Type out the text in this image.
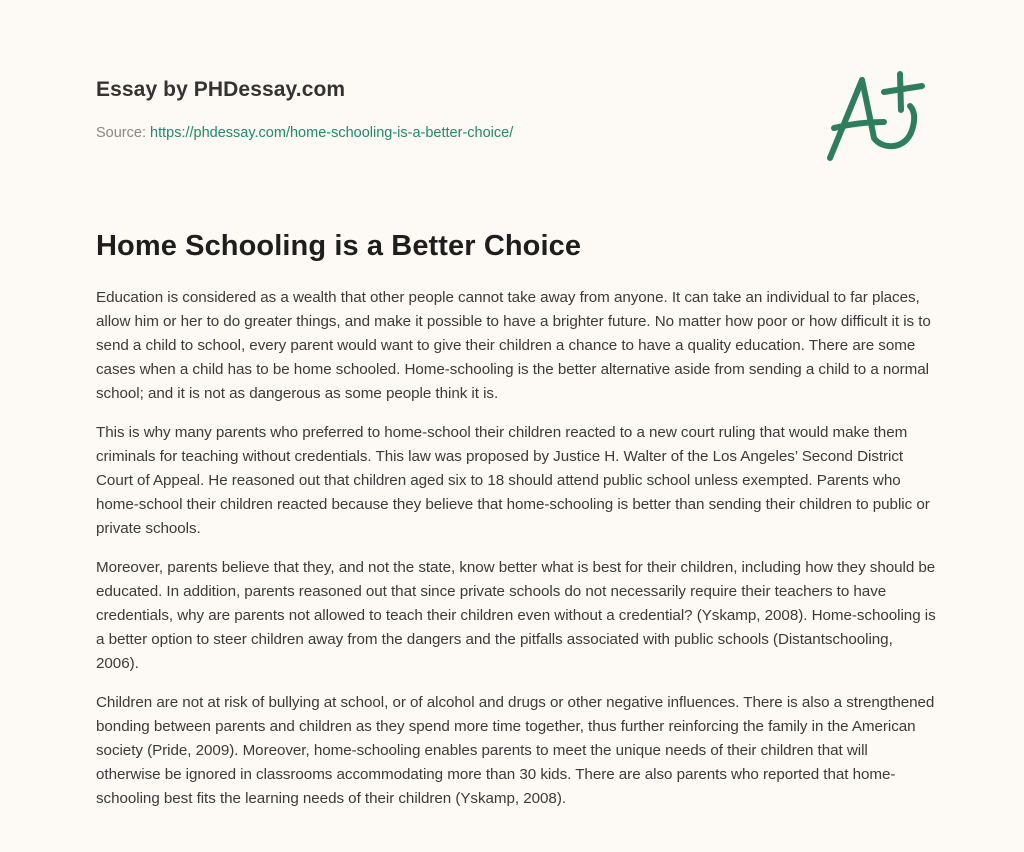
Essay by PHDessay.com
Source: https://phdessay.com/home-schooling-is-a-better-choice/
Home Schooling is a Better Choice

Education is considered as a wealth that other people cannot take away from anyone. It can take an individual to far places, allow him or her to do greater things, and make it possible to have a brighter future. No matter how poor or how difficult it is to send a child to school, every parent would want to give their children a chance to have a quality education. There are some cases when a child has to be home schooled. Home-schooling is the better alternative aside from sending a child to a normal school; and it is not as dangerous as some people think it is.

This is why many parents who preferred to home-school their children reacted to a new court ruling that would make them criminals for teaching without credentials. This law was proposed by Justice H. Walter of the Los Angeles’ Second District Court of Appeal. He reasoned out that children aged six to 18 should attend public school unless exempted. Parents who home-school their children reacted because they believe that home-schooling is better than sending their children to public or private schools.

Moreover, parents believe that they, and not the state, know better what is best for their children, including how they should be educated. In addition, parents reasoned out that since private schools do not necessarily require their teachers to have credentials, why are parents not allowed to teach their children even without a credential? (Yskamp, 2008). Home-schooling is a better option to steer children away from the dangers and the pitfalls associated with public schools (Distantschooling, 2006).

Children are not at risk of bullying at school, or of alcohol and drugs or other negative influences. There is also a strengthened bonding between parents and children as they spend more time together, thus further reinforcing the family in the American society (Pride, 2009). Moreover, home-schooling enables parents to meet the unique needs of their children that will otherwise be ignored in classrooms accommodating more than 30 kids. There are also parents who reported that home-schooling best fits the learning needs of their children (Yskamp, 2008).
